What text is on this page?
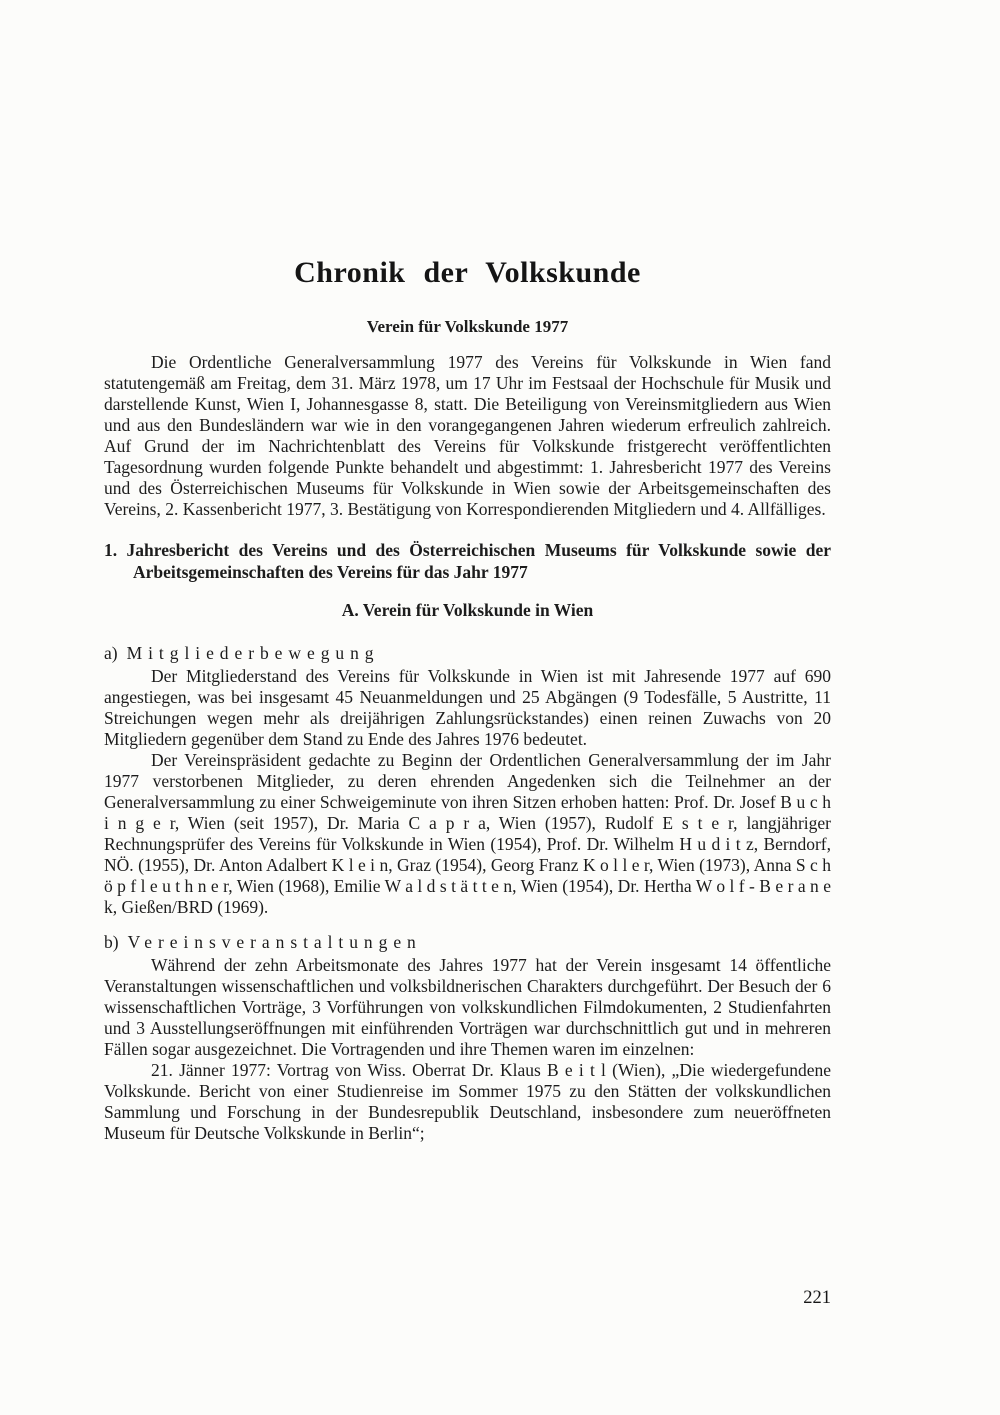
Chronik der Volkskunde
Verein für Volkskunde 1977

Die Ordentliche Generalversammlung 1977 des Vereins für Volkskunde in Wien fand statutengemäß am Freitag, dem 31. März 1978, um 17 Uhr im Festsaal der Hochschule für Musik und darstellende Kunst, Wien I, Johannesgasse 8, statt. Die Beteiligung von Vereinsmitgliedern aus Wien und aus den Bundesländern war wie in den vorangegangenen Jahren wiederum erfreulich zahlreich. Auf Grund der im Nachrichtenblatt des Vereins für Volkskunde fristgerecht veröffentlichten Tagesordnung wurden folgende Punkte behandelt und abgestimmt: 1. Jahresbericht 1977 des Vereins und des Österreichischen Museums für Volkskunde in Wien sowie der Arbeitsgemeinschaften des Vereins, 2. Kassenbericht 1977, 3. Bestätigung von Korrespondierenden Mitgliedern und 4. Allfälliges.

1. Jahresbericht des Vereins und des Österreichischen Museums für Volkskunde sowie der Arbeitsgemeinschaften des Vereins für das Jahr 1977
A. Verein für Volkskunde in Wien

a) Mitgliederbewegung

Der Mitgliederstand des Vereins für Volkskunde in Wien ist mit Jahresende 1977 auf 690 angestiegen, was bei insgesamt 45 Neuanmeldungen und 25 Abgängen (9 Todesfälle, 5 Austritte, 11 Streichungen wegen mehr als dreijährigen Zahlungsrückstandes) einen reinen Zuwachs von 20 Mitgliedern gegenüber dem Stand zu Ende des Jahres 1976 bedeutet.

Der Vereinspräsident gedachte zu Beginn der Ordentlichen Generalversammlung der im Jahr 1977 verstorbenen Mitglieder, zu deren ehrenden Angedenken sich die Teilnehmer an der Generalversammlung zu einer Schweigeminute von ihren Sitzen erhoben hatten: Prof. Dr. Josef B u c h i n g e r, Wien (seit 1957), Dr. Maria C a p r a, Wien (1957), Rudolf E s t e r, langjähriger Rechnungsprüfer des Vereins für Volkskunde in Wien (1954), Prof. Dr. Wilhelm H u d i t z, Berndorf, NÖ. (1955), Dr. Anton Adalbert K l e i n, Graz (1954), Georg Franz K o l l e r, Wien (1973), Anna S c h ö p f l e u t h n e r, Wien (1968), Emilie W a l d s t ä t t e n, Wien (1954), Dr. Hertha W o l f - B e r a n e k, Gießen/BRD (1969).

b) Vereinsveranstaltungen

Während der zehn Arbeitsmonate des Jahres 1977 hat der Verein insgesamt 14 öffentliche Veranstaltungen wissenschaftlichen und volksbildnerischen Charakters durchgeführt. Der Besuch der 6 wissenschaftlichen Vorträge, 3 Vorführungen von volkskundlichen Filmdokumenten, 2 Studienfahrten und 3 Ausstellungseröffnungen mit einführenden Vorträgen war durchschnittlich gut und in mehreren Fällen sogar ausgezeichnet. Die Vortragenden und ihre Themen waren im einzelnen:

21. Jänner 1977: Vortrag von Wiss. Oberrat Dr. Klaus B e i t l (Wien), „Die wiedergefundene Volkskunde. Bericht von einer Studienreise im Sommer 1975 zu den Stätten der volkskundlichen Sammlung und Forschung in der Bundesrepublik Deutschland, insbesondere zum neueröffneten Museum für Deutsche Volkskunde in Berlin“;

221
